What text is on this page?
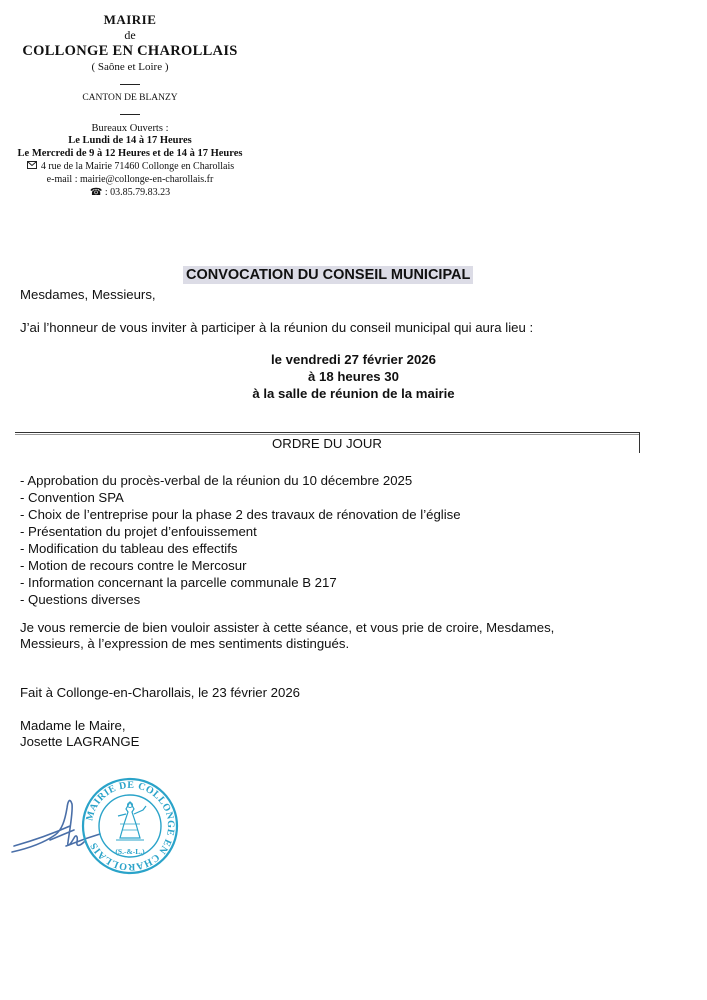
MAIRIE
de
COLLONGE EN CHAROLLAIS
( Saône et Loire )
CANTON DE BLANZY
Bureaux Ouverts :
Le Lundi de 14 à 17 Heures
Le Mercredi de 9 à 12 Heures et de 14 à 17 Heures
4 rue de la Mairie 71460 Collonge en Charollais
e-mail : mairie@collonge-en-charollais.fr
☎ : 03.85.79.83.23
CONVOCATION DU CONSEIL MUNICIPAL
Mesdames, Messieurs,
J’ai l’honneur de vous inviter à participer à la réunion du conseil municipal qui aura lieu :
le vendredi 27 février 2026
à 18 heures 30
à la salle de réunion de la mairie
ORDRE DU JOUR
- Approbation du procès-verbal de la réunion du 10 décembre 2025
- Convention SPA
- Choix de l’entreprise pour la phase 2 des travaux de rénovation de l’église
- Présentation du projet d’enfouissement
- Modification du tableau des effectifs
- Motion de recours contre le Mercosur
- Information concernant la parcelle communale B 217
- Questions diverses
Je vous remercie de bien vouloir assister à cette séance, et vous prie de croire, Mesdames,
Messieurs, à l’expression de mes sentiments distingués.
Fait à Collonge-en-Charollais, le 23 février 2026
Madame le Maire,
Josette LAGRANGE
MAIRIE DE COLLONGE EN CHAROLLAIS
(S.-&-L.)
